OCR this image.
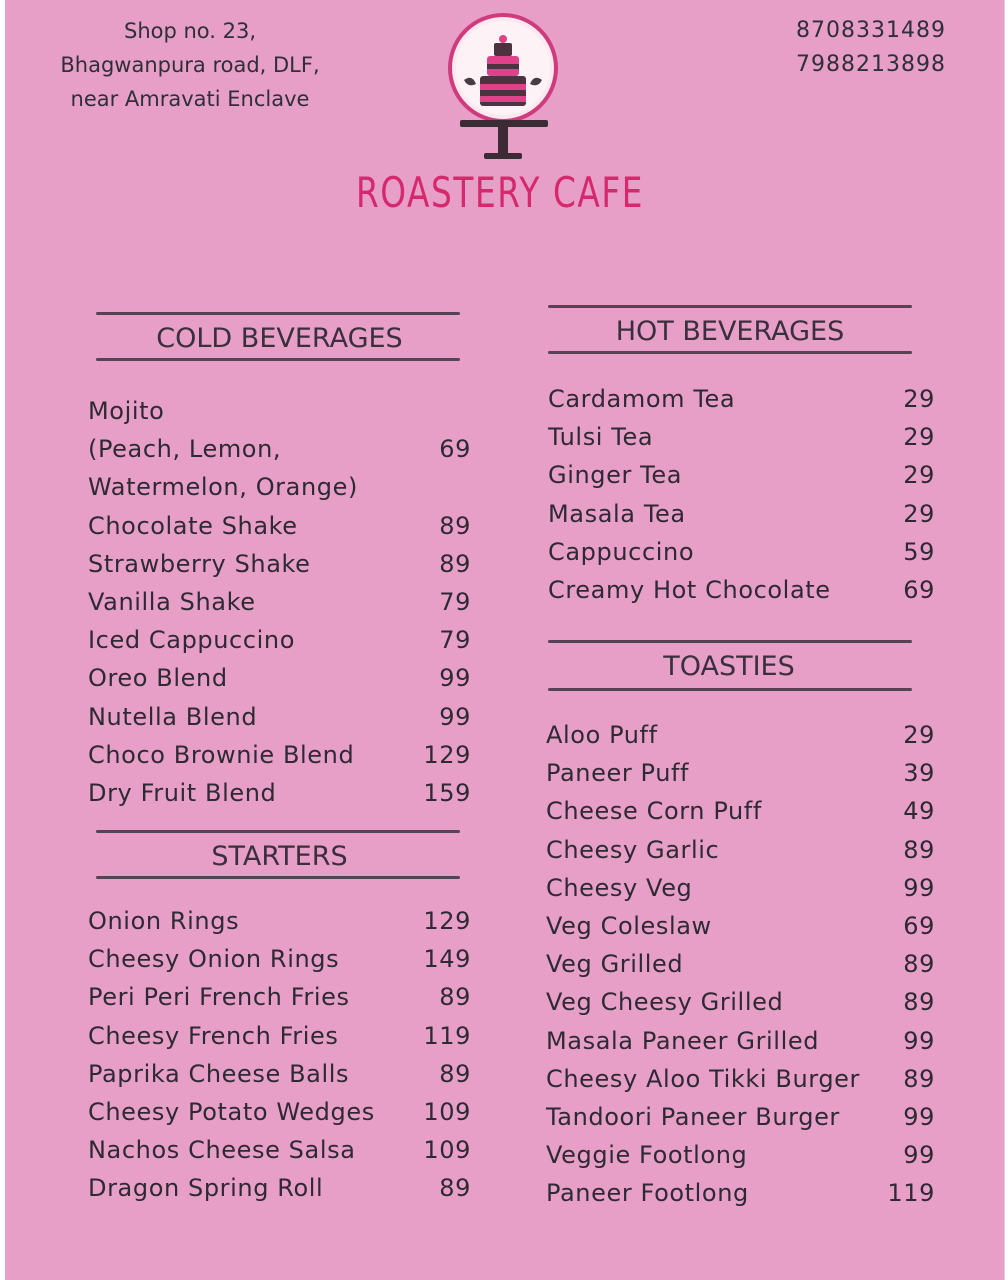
Shop no. 23,
Bhagwanpura road, DLF,
near Amravati Enclave
8708331489
7988213898
ROASTERY CAFE
COLD BEVERAGES
Mojito
(Peach, Lemon,	69
Watermelon, Orange)
Chocolate Shake	89
Strawberry Shake	89
Vanilla Shake	79
Iced Cappuccino	79
Oreo Blend	99
Nutella Blend	99
Choco Brownie Blend	129
Dry Fruit Blend	159
STARTERS
Onion Rings	129
Cheesy Onion Rings	149
Peri Peri French Fries	89
Cheesy French Fries	119
Paprika Cheese Balls	89
Cheesy Potato Wedges 109
Nachos Cheese Salsa	109
Dragon Spring Roll	89
HOT BEVERAGES
Cardamom Tea	29
Tulsi Tea	29
Ginger Tea	29
Masala Tea	29
Cappuccino	59
Creamy Hot Chocolate	69
TOASTIES
Aloo Puff	29
Paneer Puff	39
Cheese Corn Puff	49
Cheesy Garlic	89
Cheesy Veg	99
Veg Coleslaw	69
Veg Grilled	89
Veg Cheesy Grilled	89
Masala Paneer Grilled	99
Cheesy Aloo Tikki Burger 89
Tandoori Paneer Burger	99
Veggie Footlong	99
Paneer Footlong	119
